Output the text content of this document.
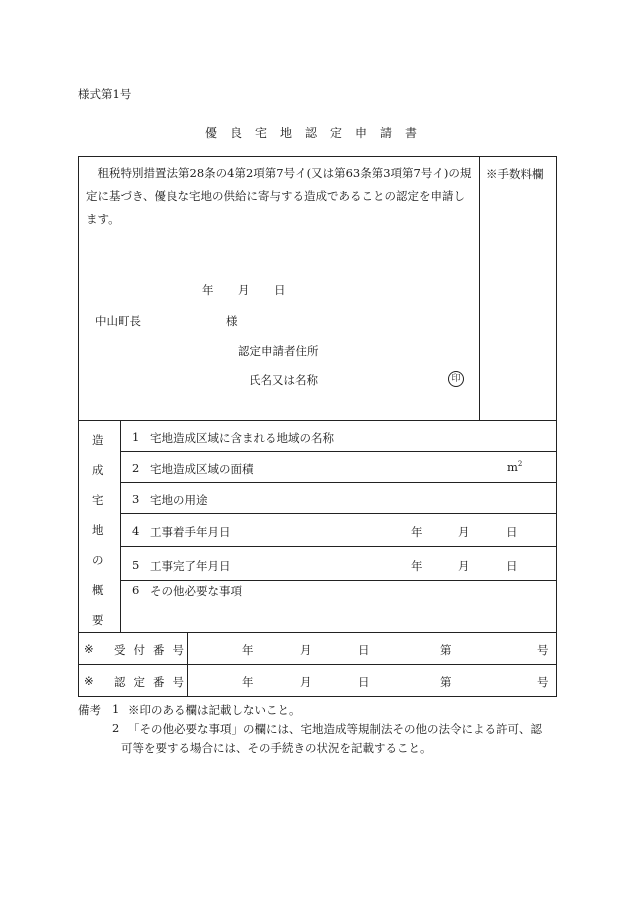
様式第1号
優良宅地認定申請書
　租税特別措置法第28条の4第2項第7号イ(又は第63条第3項第7号イ)の規定に基づき、優良な宅地の供給に寄与する造成であることの認定を申請します。
※手数料欄
年 月 日
中山町長	様
認定申請者住所
氏名又は名称	印
造
成
宅
地
の
概
要
1 宅地造成区域に含まれる地域の名称
2 宅地造成区域の面積	$m^2$
3 宅地の用途
4 工事着手年月日	年	月	日
5 工事完了年月日	年	月	日
6 その他必要な事項
※ 受付番号	年	月	日	第	号
※ 認定番号	年	月	日	第	号
備考 1 ※印のある欄は記載しないこと。
2 「その他必要な事項」の欄には、宅地造成等規制法その他の法令による許可、認
可等を要する場合には、その手続きの状況を記載すること。
